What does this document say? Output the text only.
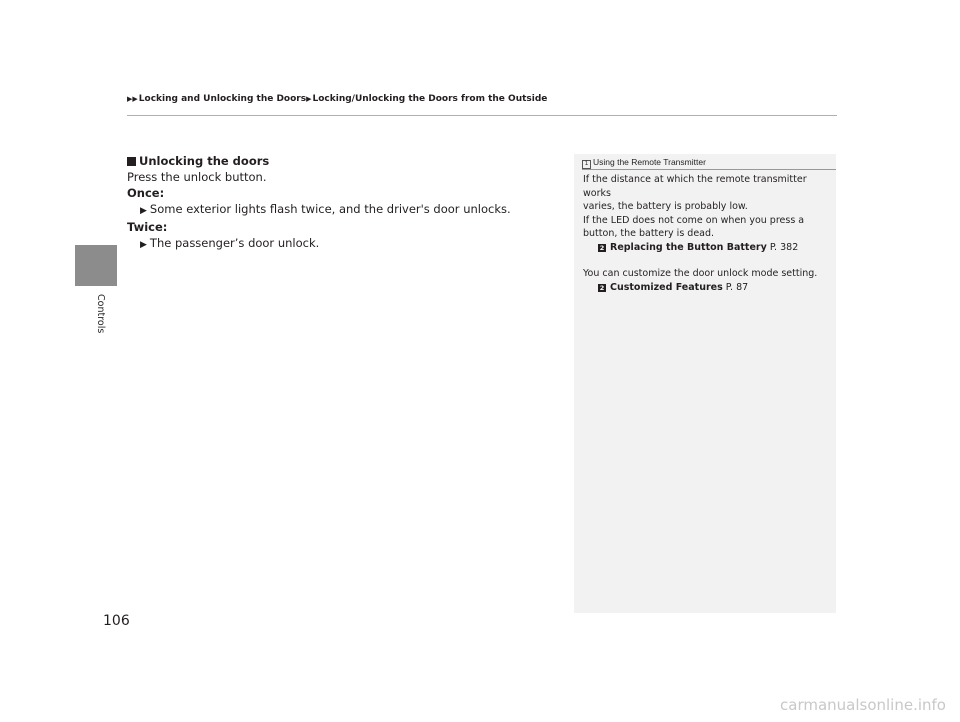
▶▶Locking and Unlocking the Doors▶Locking/Unlocking the Doors from the Outside
Controls
Unlocking the doors
Press the unlock button.
Once:
▶ Some exterior lights flash twice, and the driver's door unlocks.
Twice:
▶ The passenger’s door unlock.
1 Using the Remote Transmitter
If the distance at which the remote transmitter works
varies, the battery is probably low.
If the LED does not come on when you press a
button, the battery is dead.
2 Replacing the Button Battery P. 382
You can customize the door unlock mode setting.
2 Customized Features P. 87
106
carmanualsonline.info
